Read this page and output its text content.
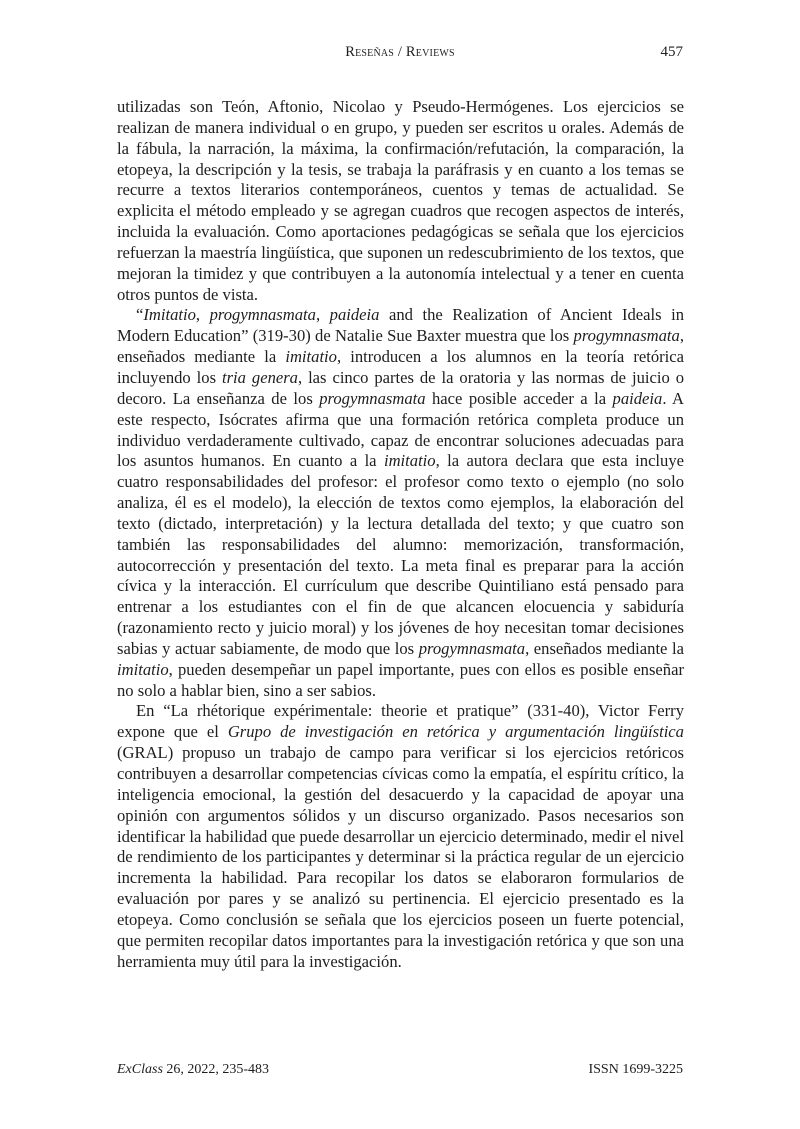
Reseñas / Reviews	457

utilizadas son Teón, Aftonio, Nicolao y Pseudo-Hermógenes. Los ejercicios se realizan de manera individual o en grupo, y pueden ser escritos u orales. Además de la fábula, la narración, la máxima, la confirmación/refutación, la comparación, la etopeya, la descripción y la tesis, se trabaja la paráfrasis y en cuanto a los temas se recurre a textos literarios contemporáneos, cuentos y temas de actualidad. Se explicita el método empleado y se agregan cuadros que recogen aspectos de interés, incluida la evaluación. Como aportaciones pedagógicas se señala que los ejercicios refuerzan la maestría lingüística, que suponen un redescubrimiento de los textos, que mejoran la timidez y que contribuyen a la autonomía intelectual y a tener en cuenta otros puntos de vista.

“Imitatio, progymnasmata, paideia and the Realization of Ancient Ideals in Modern Education” (319-30) de Natalie Sue Baxter muestra que los progymnasmata, enseñados mediante la imitatio, introducen a los alumnos en la teoría retórica incluyendo los tria genera, las cinco partes de la oratoria y las normas de juicio o decoro. La enseñanza de los progymnasmata hace posible acceder a la paideia. A este respecto, Isócrates afirma que una formación retórica completa produce un individuo verdaderamente cultivado, capaz de encontrar soluciones adecuadas para los asuntos humanos. En cuanto a la imitatio, la autora declara que esta incluye cuatro responsabilidades del profesor: el profesor como texto o ejemplo (no solo analiza, él es el modelo), la elección de textos como ejemplos, la elaboración del texto (dictado, interpretación) y la lectura detallada del texto; y que cuatro son también las responsabilidades del alumno: memorización, transformación, autocorrección y presentación del texto. La meta final es preparar para la acción cívica y la interacción. El currículum que describe Quintiliano está pensado para entrenar a los estudiantes con el fin de que alcancen elocuencia y sabiduría (razonamiento recto y juicio moral) y los jóvenes de hoy necesitan tomar decisiones sabias y actuar sabiamente, de modo que los progymnasmata, enseñados mediante la imitatio, pueden desempeñar un papel importante, pues con ellos es posible enseñar no solo a hablar bien, sino a ser sabios.

En “La rhétorique expérimentale: theorie et pratique” (331-40), Victor Ferry expone que el Grupo de investigación en retórica y argumentación lingüística (GRAL) propuso un trabajo de campo para verificar si los ejercicios retóricos contribuyen a desarrollar competencias cívicas como la empatía, el espíritu crítico, la inteligencia emocional, la gestión del desacuerdo y la capacidad de apoyar una opinión con argumentos sólidos y un discurso organizado. Pasos necesarios son identificar la habilidad que puede desarrollar un ejercicio determinado, medir el nivel de rendimiento de los participantes y determinar si la práctica regular de un ejercicio incrementa la habilidad. Para recopilar los datos se elaboraron formularios de evaluación por pares y se analizó su pertinencia. El ejercicio presentado es la etopeya. Como conclusión se señala que los ejercicios poseen un fuerte potencial, que permiten recopilar datos importantes para la investigación retórica y que son una herramienta muy útil para la investigación.

ExClass 26, 2022, 235-483	ISSN 1699-3225
